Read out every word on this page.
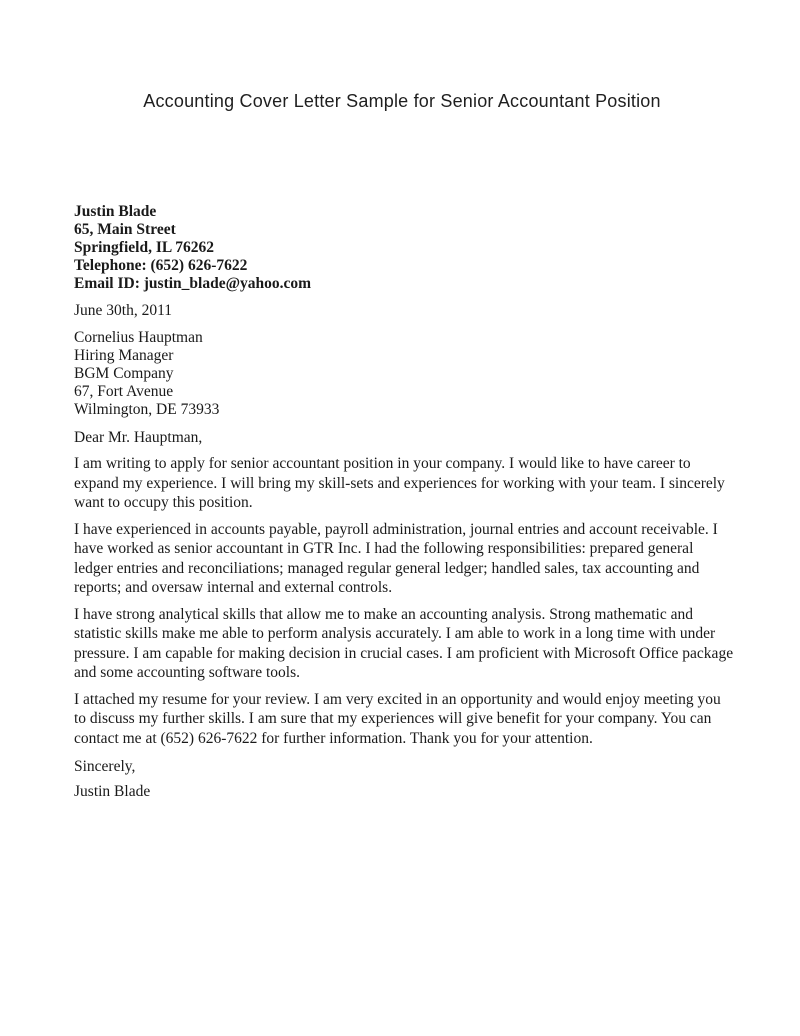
Accounting Cover Letter Sample for Senior Accountant Position
Justin Blade
65, Main Street
Springfield, IL 76262
Telephone: (652) 626-7622
Email ID: justin_blade@yahoo.com
June 30th, 2011
Cornelius Hauptman
Hiring Manager
BGM Company
67, Fort Avenue
Wilmington, DE 73933
Dear Mr. Hauptman,

I am writing to apply for senior accountant position in your company. I would like to have career to expand my experience. I will bring my skill-sets and experiences for working with your team. I sincerely want to occupy this position.

I have experienced in accounts payable, payroll administration, journal entries and account receivable. I have worked as senior accountant in GTR Inc. I had the following responsibilities: prepared general ledger entries and reconciliations; managed regular general ledger; handled sales, tax accounting and reports; and oversaw internal and external controls.

I have strong analytical skills that allow me to make an accounting analysis. Strong mathematic and statistic skills make me able to perform analysis accurately. I am able to work in a long time with under pressure. I am capable for making decision in crucial cases. I am proficient with Microsoft Office package and some accounting software tools.

I attached my resume for your review. I am very excited in an opportunity and would enjoy meeting you to discuss my further skills. I am sure that my experiences will give benefit for your company. You can contact me at (652) 626-7622 for further information. Thank you for your attention.

Sincerely,
Justin Blade
